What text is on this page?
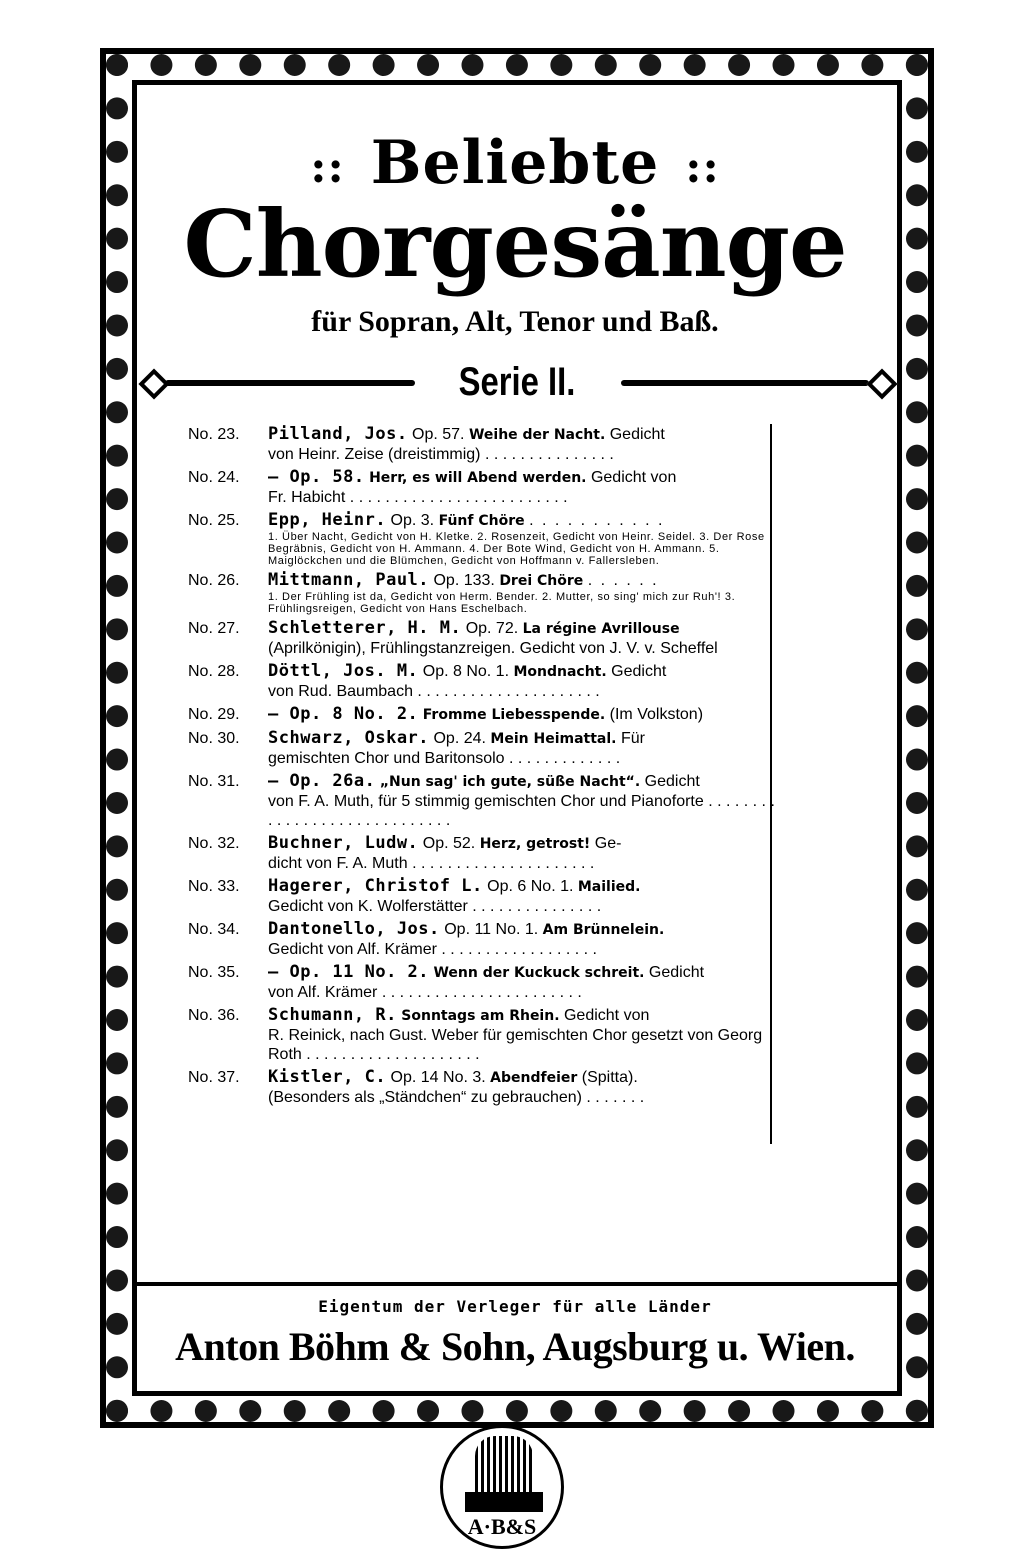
:: Beliebte ::
Chorgesänge
für Sopran, Alt, Tenor und Baß.
Serie II.
No. 23.	Pilland, Jos. Op. 57. Weihe der Nacht. Gedicht
von Heinr. Zeise (dreistimmig) . . . . . . . . . . . . . . .
No. 24.	— Op. 58. Herr, es will Abend werden. Gedicht von
Fr. Habicht . . . . . . . . . . . . . . . . . . . . . . . . .
No. 25.	Epp, Heinr. Op. 3. Fünf Chöre . . . . . . . . . . .
1. Über Nacht, Gedicht von H. Kletke. 2. Rosenzeit, Gedicht von Heinr. Seidel. 3. Der Rose Begräbnis, Gedicht von H. Ammann. 4. Der Bote Wind, Gedicht von H. Ammann. 5. Maiglöckchen und die Blümchen, Gedicht von Hoffmann v. Fallersleben.
No. 26.	Mittmann, Paul. Op. 133. Drei Chöre . . . . . .
1. Der Frühling ist da, Gedicht von Herm. Bender. 2. Mutter, so sing' mich zur Ruh'! 3. Frühlingsreigen, Gedicht von Hans Eschelbach.
No. 27.	Schletterer, H. M. Op. 72. La régine Avrillouse
(Aprilkönigin), Frühlingstanzreigen. Gedicht von J. V. v. Scheffel
No. 28.	Döttl, Jos. M. Op. 8 No. 1. Mondnacht. Gedicht
von Rud. Baumbach . . . . . . . . . . . . . . . . . . . . .
No. 29.	— Op. 8 No. 2. Fromme Liebesspende. (Im Volkston)
No. 30.	Schwarz, Oskar. Op. 24. Mein Heimattal. Für
gemischten Chor und Baritonsolo . . . . . . . . . . . . .
No. 31.	— Op. 26a. „Nun sag' ich gute, süße Nacht“. Gedicht
von F. A. Muth, für 5 stimmig gemischten Chor und Pianoforte . . . . . . . . . . . . . . . . . . . . . . . . . . . . .
No. 32.	Buchner, Ludw. Op. 52. Herz, getrost! Ge-
dicht von F. A. Muth . . . . . . . . . . . . . . . . . . . . .
No. 33.	Hagerer, Christof L. Op. 6 No. 1. Mailied.
Gedicht von K. Wolferstätter . . . . . . . . . . . . . . .
No. 34.	Dantonello, Jos. Op. 11 No. 1. Am Brünnelein.
Gedicht von Alf. Krämer . . . . . . . . . . . . . . . . . .
No. 35.	— Op. 11 No. 2. Wenn der Kuckuck schreit. Gedicht
von Alf. Krämer . . . . . . . . . . . . . . . . . . . . . . .
No. 36.	Schumann, R. Sonntags am Rhein. Gedicht von
R. Reinick, nach Gust. Weber für gemischten Chor gesetzt von Georg Roth . . . . . . . . . . . . . . . . . . . .
No. 37.	Kistler, C. Op. 14 No. 3. Abendfeier (Spitta).
(Besonders als „Ständchen“ zu gebrauchen) . . . . . . .
Eigentum der Verleger für alle Länder
Anton Böhm & Sohn, Augsburg u. Wien.
A·B&S
